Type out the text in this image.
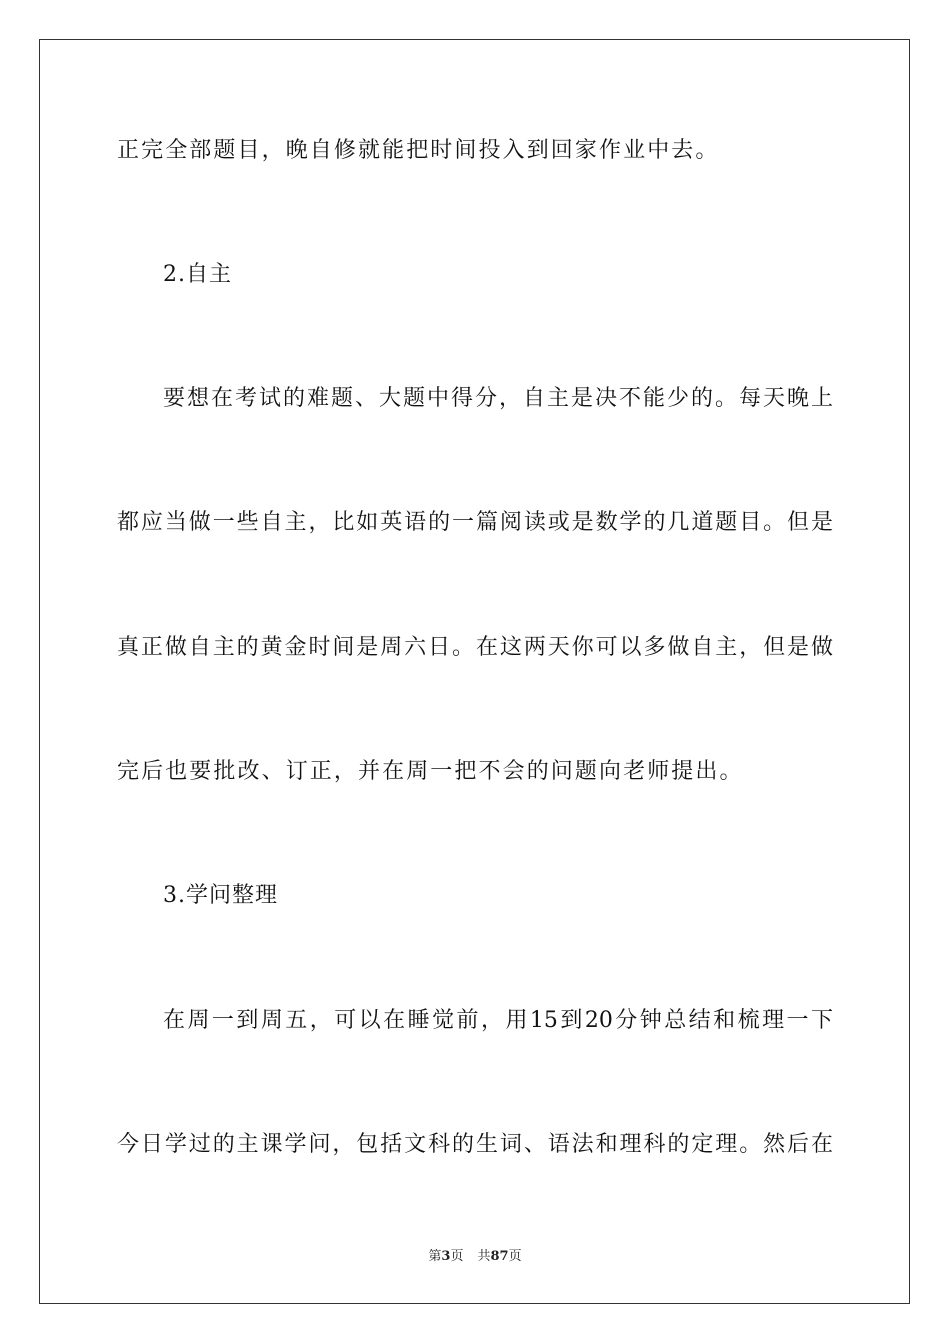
正完全部题目，晚自修就能把时间投入到回家作业中去。
2.自主
要想在考试的难题、大题中得分，自主是决不能少的。每天晚上
都应当做一些自主，比如英语的一篇阅读或是数学的几道题目。但是
真正做自主的黄金时间是周六日。在这两天你可以多做自主，但是做
完后也要批改、订正，并在周一把不会的问题向老师提出。
3.学问整理
在周一到周五，可以在睡觉前，用15到20分钟总结和梳理一下
今日学过的主课学问，包括文科的生词、语法和理科的定理。然后在
第3页 共87页
